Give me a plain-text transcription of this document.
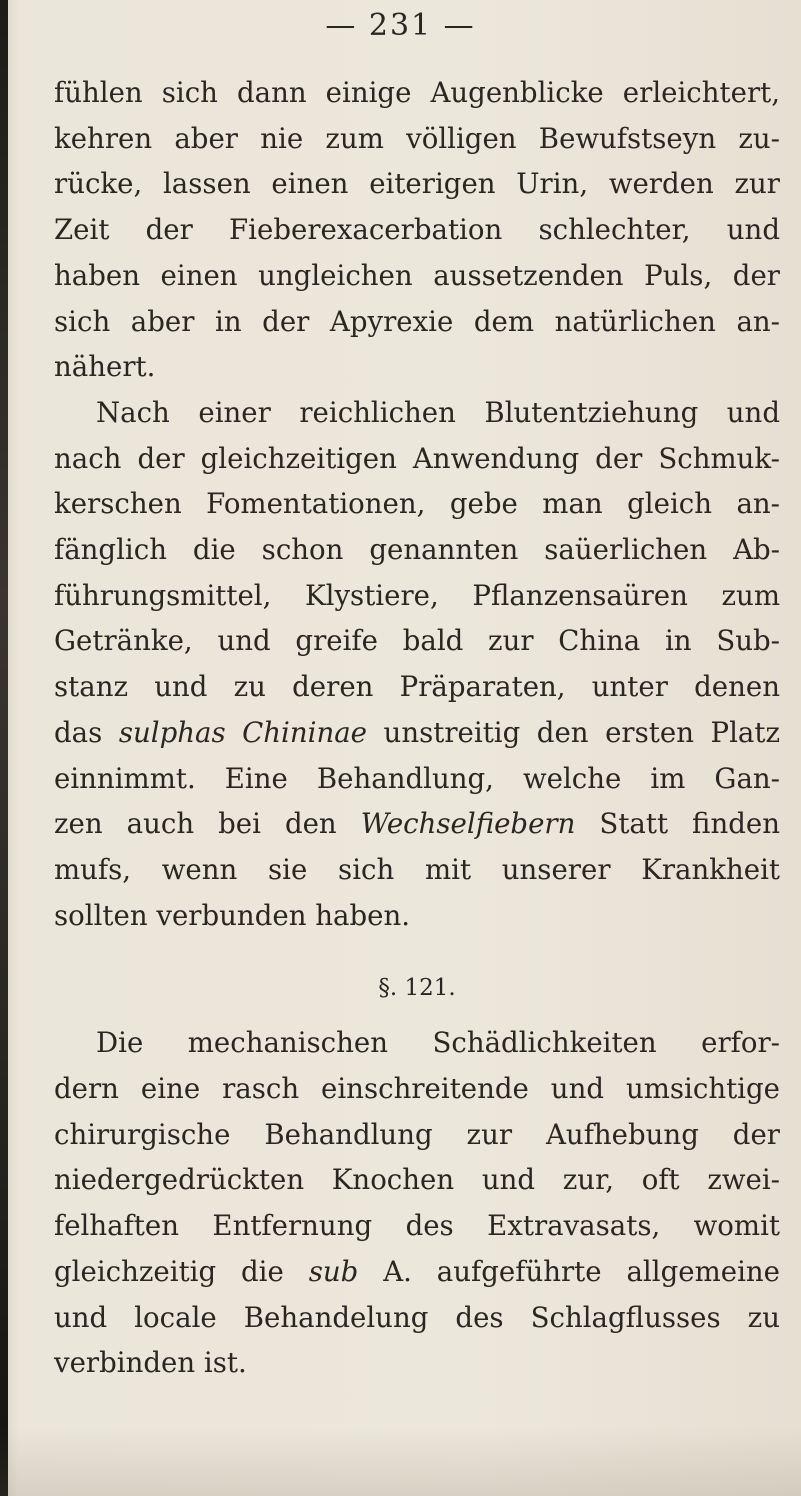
— 231 —

fühlen sich dann einige Augenblicke erleichtert,
kehren aber nie zum völligen Bewufstseyn zu-
rücke, lassen einen eiterigen Urin, werden zur
Zeit der Fieberexacerbation schlechter, und
haben einen ungleichen aussetzenden Puls, der
sich aber in der Apyrexie dem natürlichen an-
nähert.

Nach einer reichlichen Blutentziehung und
nach der gleichzeitigen Anwendung der Schmuk-
kerschen Fomentationen, gebe man gleich an-
fänglich die schon genannten saüerlichen Ab-
führungsmittel, Klystiere, Pflanzensaüren zum
Getränke, und greife bald zur China in Sub-
stanz und zu deren Präparaten, unter denen
das sulphas Chininae unstreitig den ersten Platz
einnimmt. Eine Behandlung, welche im Gan-
zen auch bei den Wechselfiebern Statt finden
mufs, wenn sie sich mit unserer Krankheit
sollten verbunden haben.

§. 121.

Die mechanischen Schädlichkeiten erfor-
dern eine rasch einschreitende und umsichtige
chirurgische Behandlung zur Aufhebung der
niedergedrückten Knochen und zur, oft zwei-
felhaften Entfernung des Extravasats, womit
gleichzeitig die sub A. aufgeführte allgemeine
und locale Behandelung des Schlagflusses zu
verbinden ist.
